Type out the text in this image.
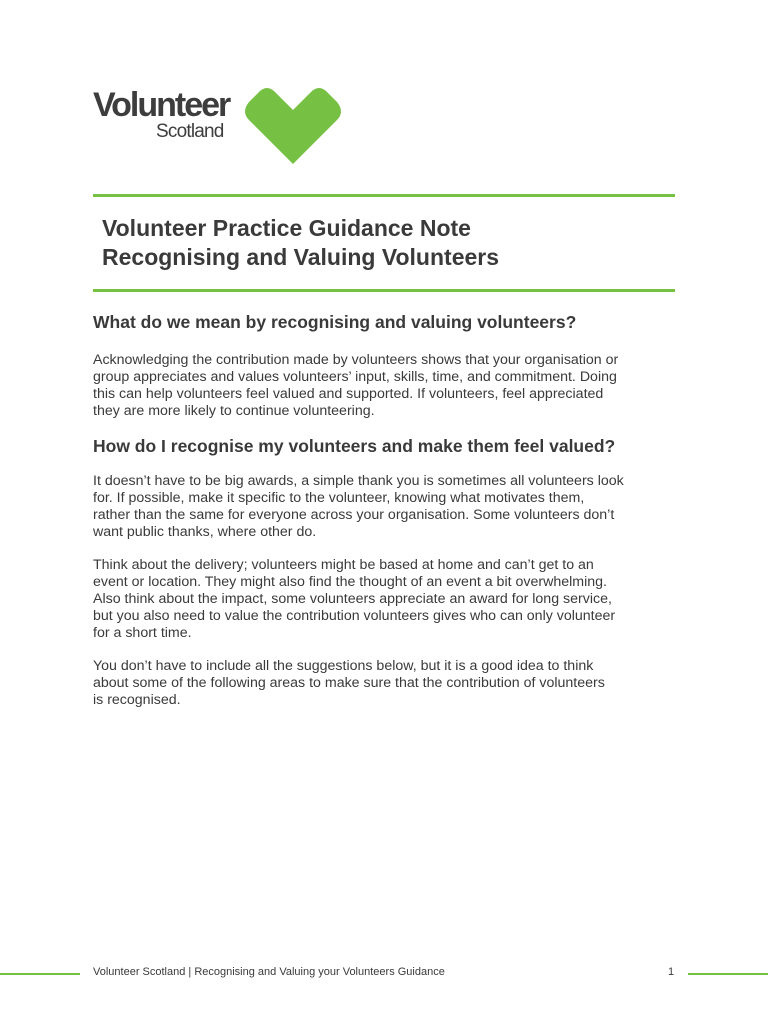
Volunteer
Scotland
Volunteer Practice Guidance Note
Recognising and Valuing Volunteers
What do we mean by recognising and valuing volunteers?
Acknowledging the contribution made by volunteers shows that your organisation or
group appreciates and values volunteers’ input, skills, time, and commitment. Doing
this can help volunteers feel valued and supported. If volunteers, feel appreciated
they are more likely to continue volunteering.
How do I recognise my volunteers and make them feel valued?
It doesn’t have to be big awards, a simple thank you is sometimes all volunteers look
for. If possible, make it specific to the volunteer, knowing what motivates them,
rather than the same for everyone across your organisation. Some volunteers don’t
want public thanks, where other do.
Think about the delivery; volunteers might be based at home and can’t get to an
event or location. They might also find the thought of an event a bit overwhelming.
Also think about the impact, some volunteers appreciate an award for long service,
but you also need to value the contribution volunteers gives who can only volunteer
for a short time.
You don’t have to include all the suggestions below, but it is a good idea to think
about some of the following areas to make sure that the contribution of volunteers
is recognised.
Volunteer Scotland | Recognising and Valuing your Volunteers Guidance	1
